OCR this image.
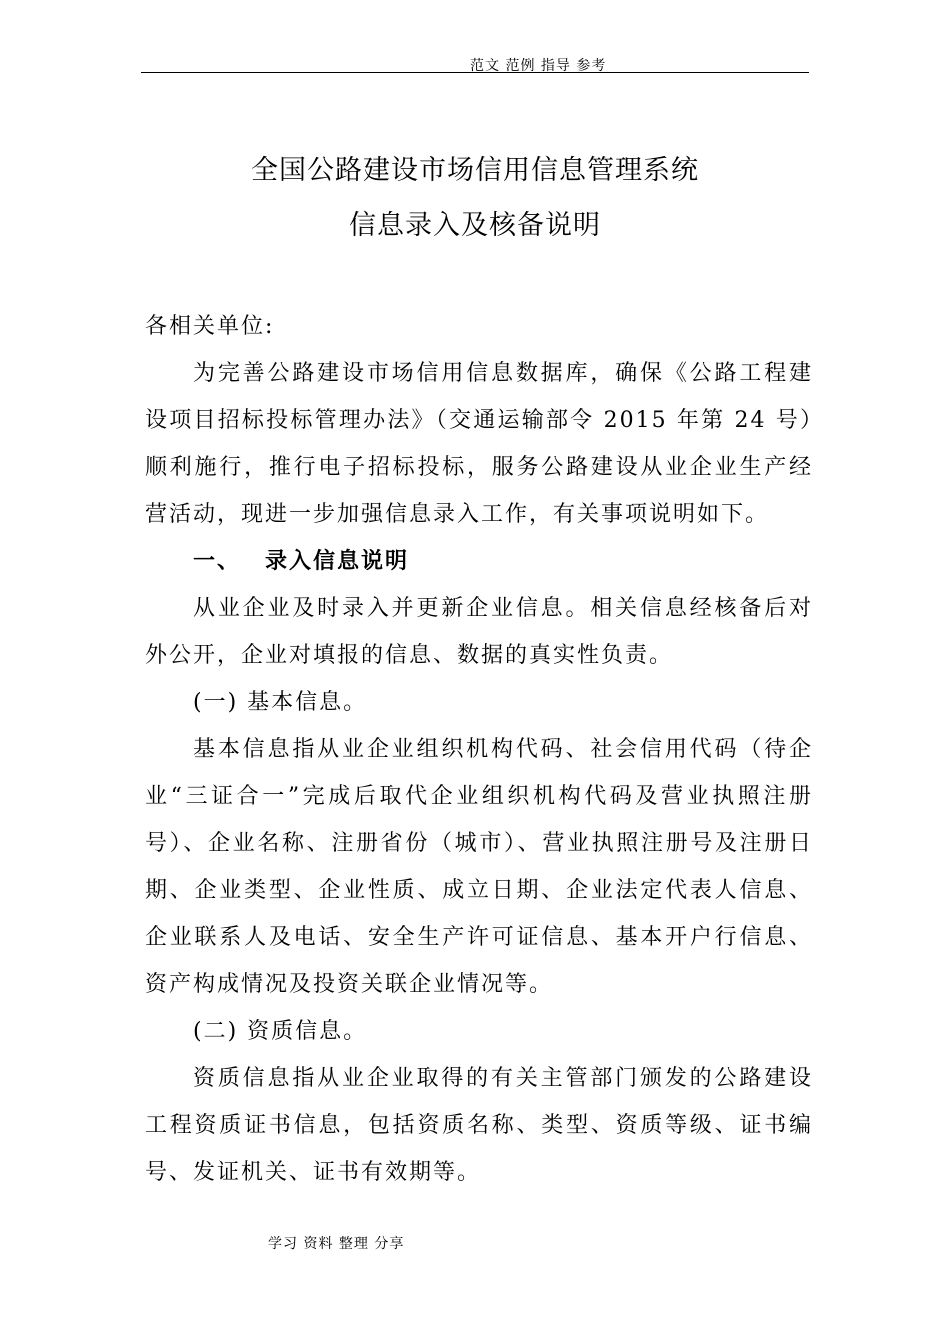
范文 范例 指导 参考
全国公路建设市场信用信息管理系统
信息录入及核备说明

各相关单位:

为完善公路建设市场信用信息数据库，确保《公路工程建设项目招标投标管理办法》（交通运输部令 2015 年第 24 号）顺利施行，推行电子招标投标，服务公路建设从业企业生产经营活动，现进一步加强信息录入工作，有关事项说明如下。

一、 录入信息说明

从业企业及时录入并更新企业信息。相关信息经核备后对外公开，企业对填报的信息、数据的真实性负责。

(一) 基本信息。

基本信息指从业企业组织机构代码、社会信用代码（待企业“三证合一”完成后取代企业组织机构代码及营业执照注册号）、企业名称、注册省份（城市）、营业执照注册号及注册日期、企业类型、企业性质、成立日期、企业法定代表人信息、企业联系人及电话、安全生产许可证信息、基本开户行信息、资产构成情况及投资关联企业情况等。

(二) 资质信息。

资质信息指从业企业取得的有关主管部门颁发的公路建设工程资质证书信息，包括资质名称、类型、资质等级、证书编号、发证机关、证书有效期等。

学习 资料 整理 分享
